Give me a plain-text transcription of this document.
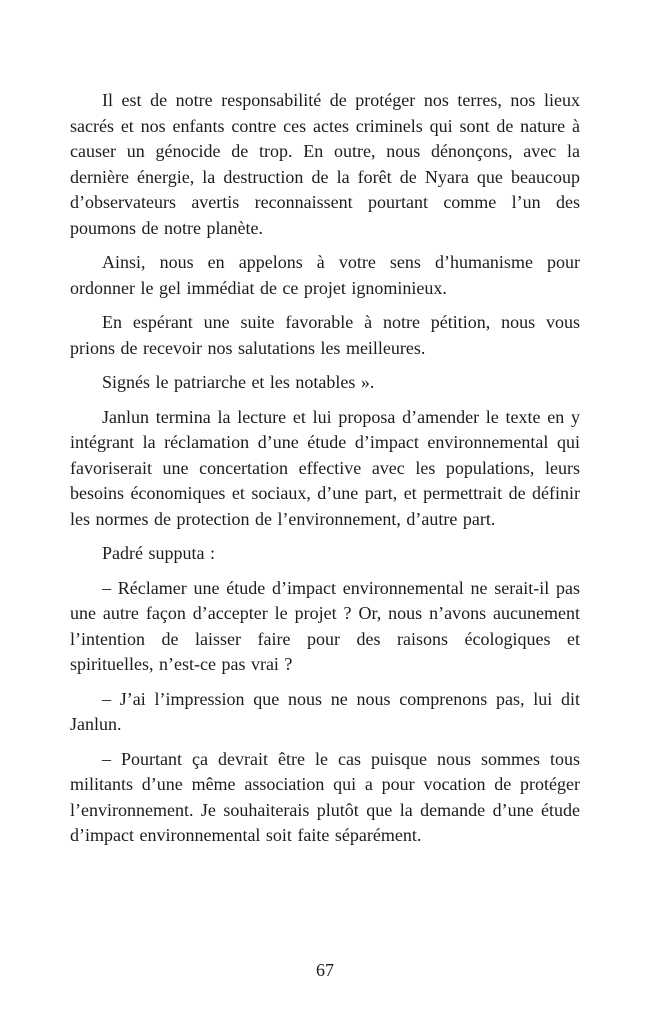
Il est de notre responsabilité de protéger nos terres, nos lieux sacrés et nos enfants contre ces actes criminels qui sont de nature à causer un génocide de trop. En outre, nous dénonçons, avec la dernière énergie, la destruction de la forêt de Nyara que beaucoup d’observateurs avertis reconnaissent pourtant comme l’un des poumons de notre planète.

Ainsi, nous en appelons à votre sens d’humanisme pour ordonner le gel immédiat de ce projet ignominieux.

En espérant une suite favorable à notre pétition, nous vous prions de recevoir nos salutations les meilleures.

Signés le patriarche et les notables ».

Janlun termina la lecture et lui proposa d’amender le texte en y intégrant la réclamation d’une étude d’impact environnemental qui favoriserait une concertation effective avec les populations, leurs besoins économiques et sociaux, d’une part, et permettrait de définir les normes de protection de l’environnement, d’autre part.

Padré supputa :

– Réclamer une étude d’impact environnemental ne serait-il pas une autre façon d’accepter le projet ? Or, nous n’avons aucunement l’intention de laisser faire pour des raisons écologiques et spirituelles, n’est-ce pas vrai ?

– J’ai l’impression que nous ne nous comprenons pas, lui dit Janlun.

– Pourtant ça devrait être le cas puisque nous sommes tous militants d’une même association qui a pour vocation de protéger l’environnement. Je souhaiterais plutôt que la demande d’une étude d’impact environnemental soit faite séparément.

67
